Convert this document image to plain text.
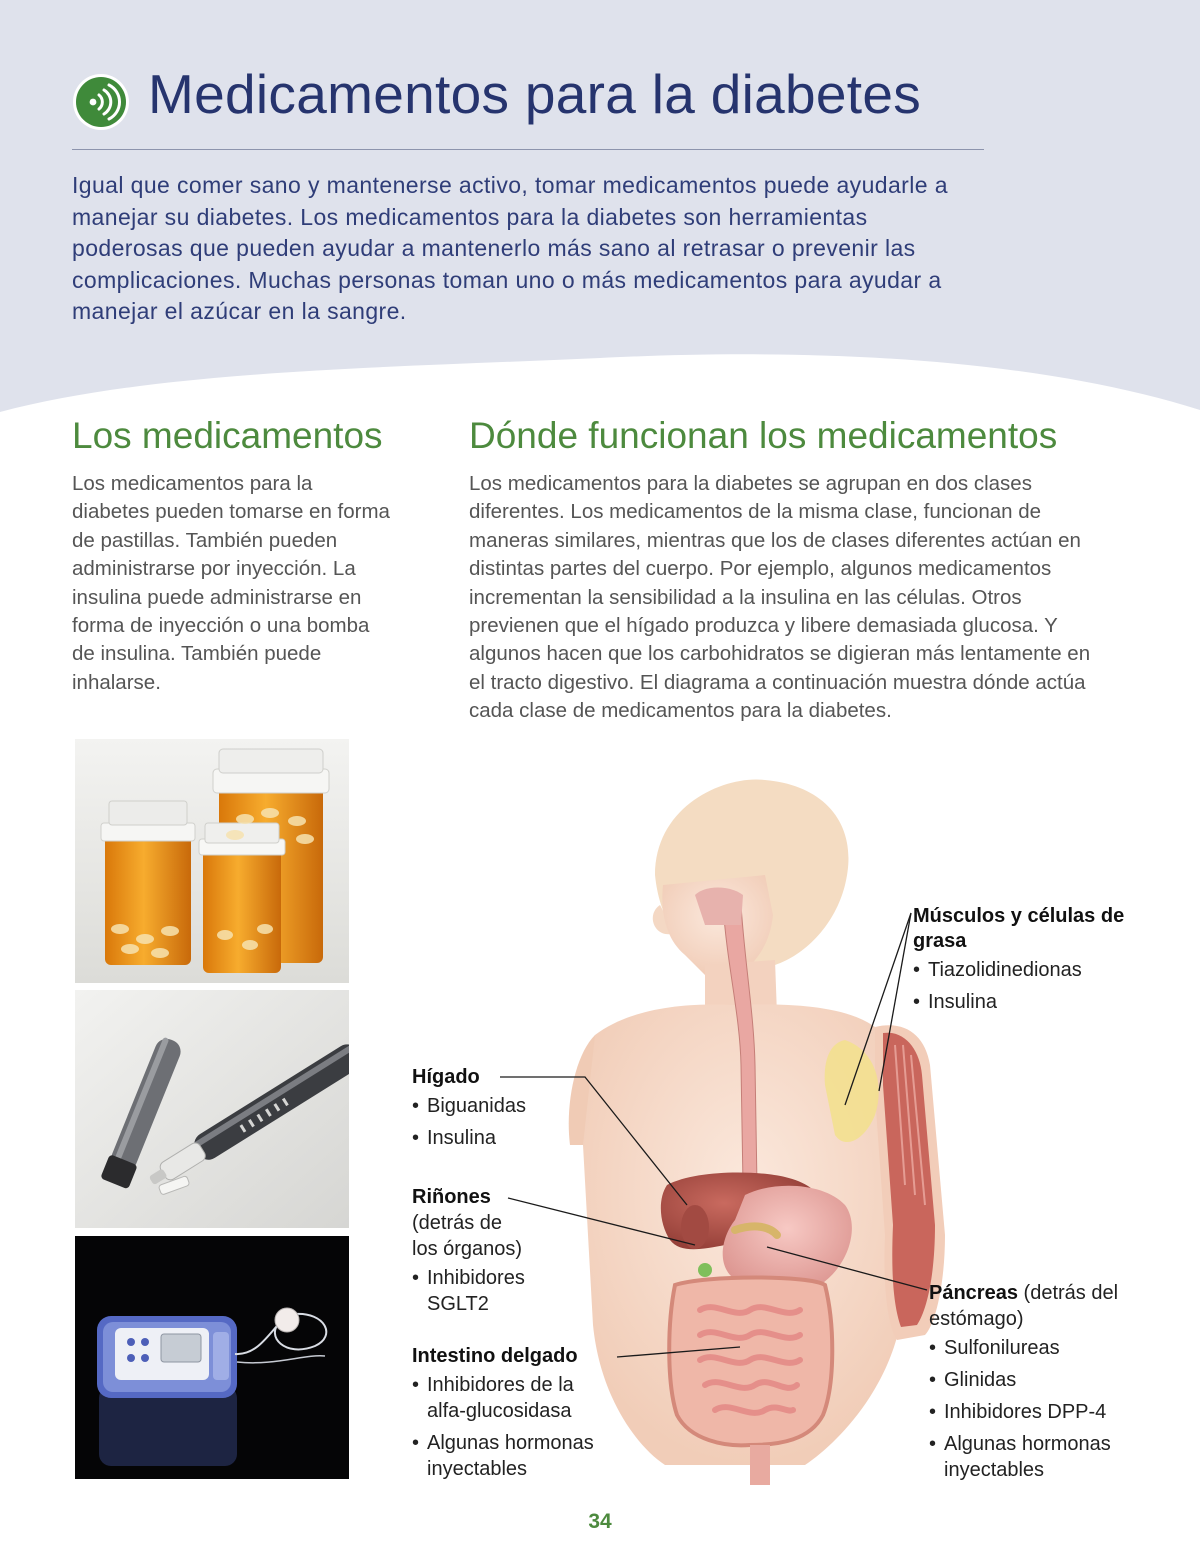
Medicamentos para la diabetes

Igual que comer sano y mantenerse activo, tomar medicamentos puede ayudarle a manejar su diabetes. Los medicamentos para la diabetes son herramientas poderosas que pueden ayudar a mantenerlo más sano al retrasar o prevenir las complicaciones. Muchas personas toman uno o más medicamentos para ayudar a manejar el azúcar en la sangre.

Los medicamentos

Los medicamentos para la diabetes pueden tomarse en forma de pastillas. También pueden administrarse por inyección. La insulina puede administrarse en forma de inyección o una bomba de insulina. También puede inhalarse.

Dónde funcionan los medicamentos

Los medicamentos para la diabetes se agrupan en dos clases diferentes. Los medicamentos de la misma clase, funcionan de maneras similares, mientras que los de clases diferentes actúan en distintas partes del cuerpo. Por ejemplo, algunos medicamentos incrementan la sensibilidad a la insulina en las células. Otros previenen que el hígado produzca y libere demasiada glucosa. Y algunos hacen que los carbohidratos se digieran más lentamente en el tracto digestivo. El diagrama a continuación muestra dónde actúa cada clase de medicamentos para la diabetes.

Músculos y células de grasa
• Tiazolidinedionas
• Insulina
Hígado
• Biguanidas
• Insulina
Riñones
(detrás de los órganos)
• Inhibidores
SGLT2
Intestino delgado
• Inhibidores de la
alfa-glucosidasa
• Algunas hormonas
inyectables
Páncreas (detrás del estómago)
• Sulfonilureas
• Glinidas
• Inhibidores DPP-4
• Algunas hormonas
inyectables
34
